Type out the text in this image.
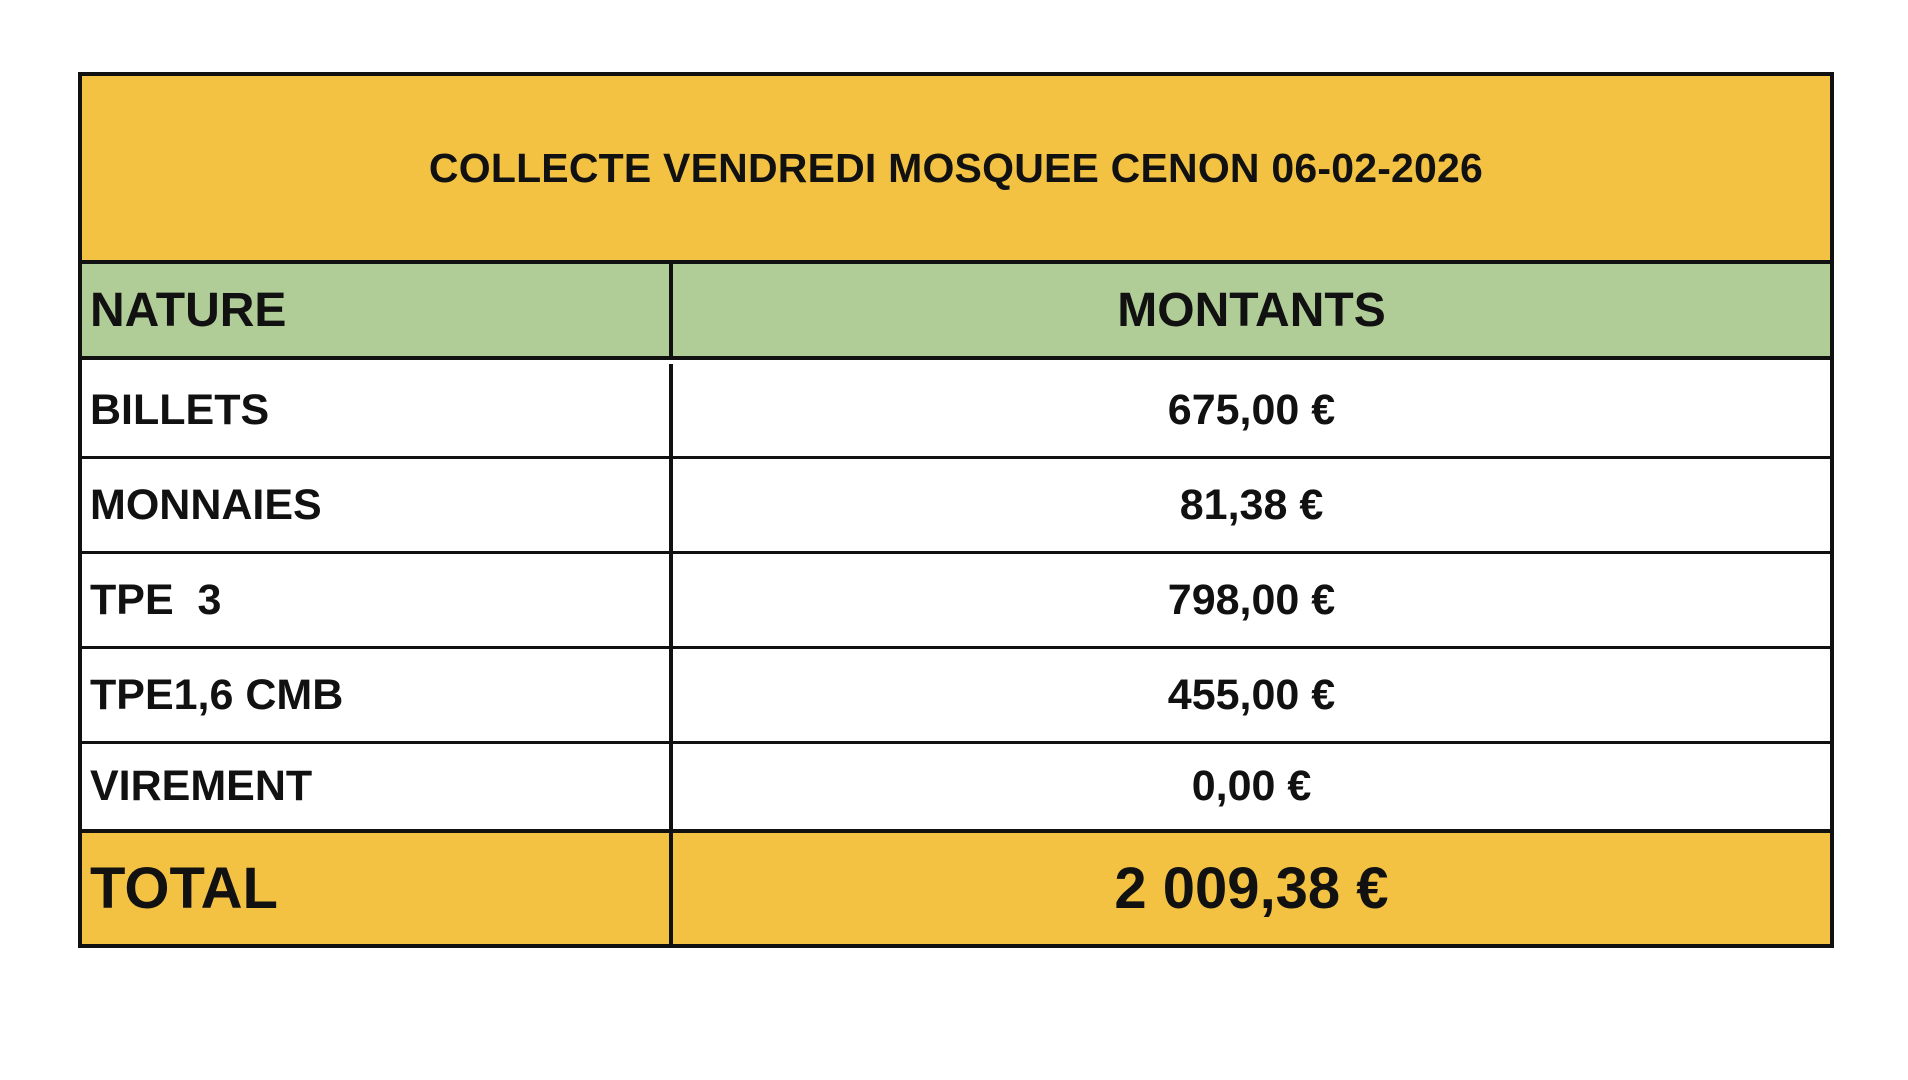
COLLECTE VENDREDI MOSQUEE CENON 06-02-2026
NATURE	MONTANTS
BILLETS	675,00 €
MONNAIES	81,38 €
TPE  3	798,00 €
TPE1,6 CMB	455,00 €
VIREMENT	0,00 €
TOTAL	2 009,38 €
